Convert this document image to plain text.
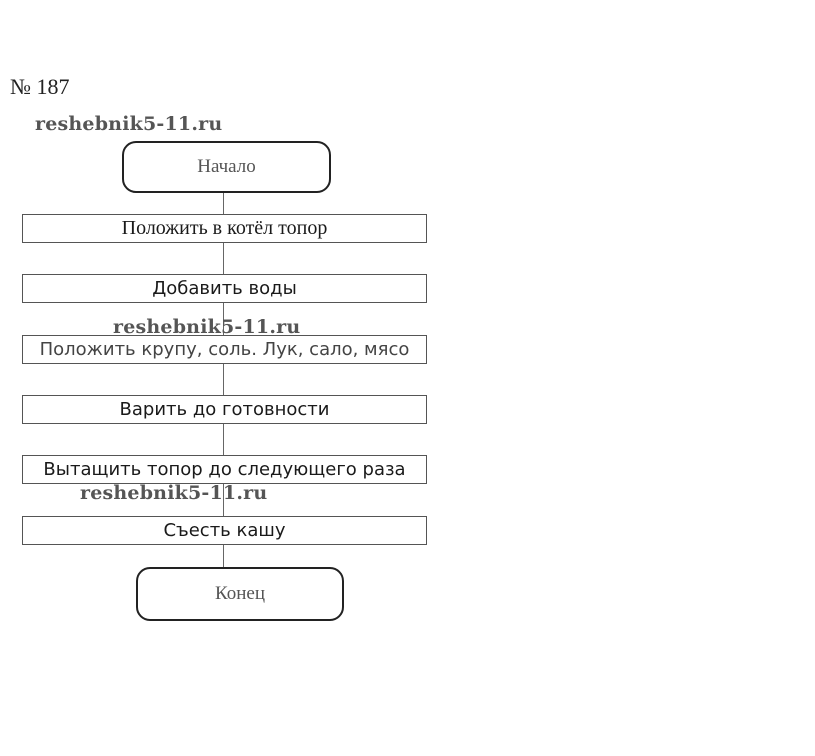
№ 187
Начало
Положить в котёл топор
Добавить воды
Положить крупу, соль. Лук, сало, мясо
Варить до готовности
Вытащить топор до следующего раза
Съесть кашу
Конец
reshebnik5-11.ru
reshebnik5-11.ru
reshebnik5-11.ru
